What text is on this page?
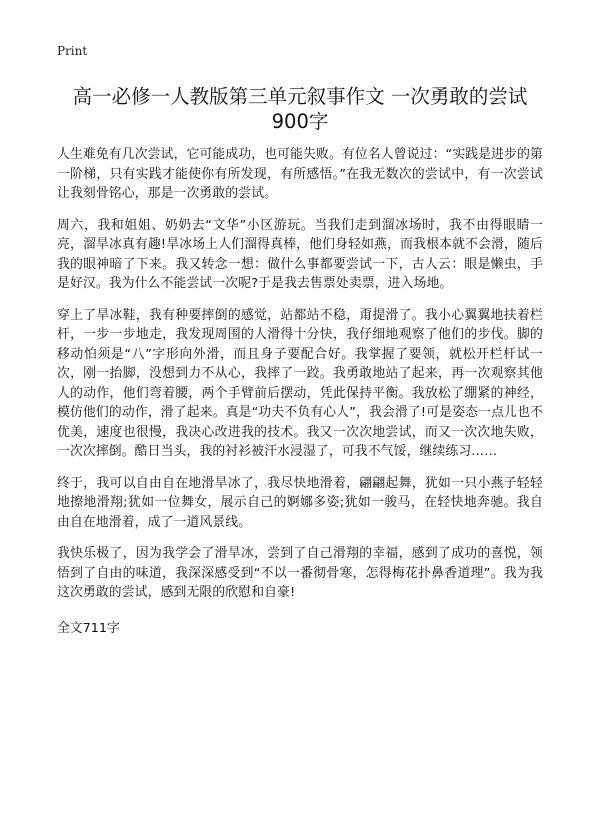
Print
高一必修一人教版第三单元叙事作文 一次勇敢的尝试
900字

人生难免有几次尝试，它可能成功，也可能失败。有位名人曾说过：“实践是进步的第一阶梯，只有实践才能使你有所发现，有所感悟。”在我无数次的尝试中，有一次尝试让我刻骨铭心，那是一次勇敢的尝试。

周六，我和姐姐、奶奶去“文华”小区游玩。当我们走到溜冰场时，我不由得眼睛一亮，溜旱冰真有趣!旱冰场上人们溜得真棒，他们身轻如燕，而我根本就不会滑，随后我的眼神暗了下来。我又转念一想：做什么事都要尝试一下，古人云：眼是懒虫，手是好汉。我为什么不能尝试一次呢?于是我去售票处卖票，进入场地。

穿上了旱冰鞋，我有种要摔倒的感觉，站都站不稳，甭提滑了。我小心翼翼地扶着栏杆，一步一步地走，我发现周围的人滑得十分快，我仔细地观察了他们的步伐。脚的移动怕须是“八”字形向外滑，而且身子要配合好。我掌握了要领，就松开栏杆试一次，刚一抬脚，没想到力不从心，我摔了一跤。我勇敢地站了起来，再一次观察其他人的动作，他们弯着腰，两个手臂前后摆动，凭此保持平衡。我放松了绷紧的神经，模仿他们的动作，滑了起来。真是“功夫不负有心人”，我会滑了!可是姿态一点儿也不优美，速度也很慢，我决心改进我的技术。我又一次次地尝试，而又一次次地失败，一次次摔倒。酷日当头，我的衬衫被汗水浸湿了，可我不气馁，继续练习……

终于，我可以自由自在地滑旱冰了，我尽快地滑着，翩翩起舞，犹如一只小燕子轻轻地擦地滑翔;犹如一位舞女，展示自己的婀娜多姿;犹如一骏马，在轻快地奔驰。我自由自在地滑着，成了一道风景线。

我快乐极了，因为我学会了滑旱冰，尝到了自己滑翔的幸福，感到了成功的喜悦，领悟到了自由的味道，我深深感受到“不以一番彻骨寒，怎得梅花扑鼻香道理”。我为我这次勇敢的尝试，感到无限的欣慰和自豪!

全文711字
